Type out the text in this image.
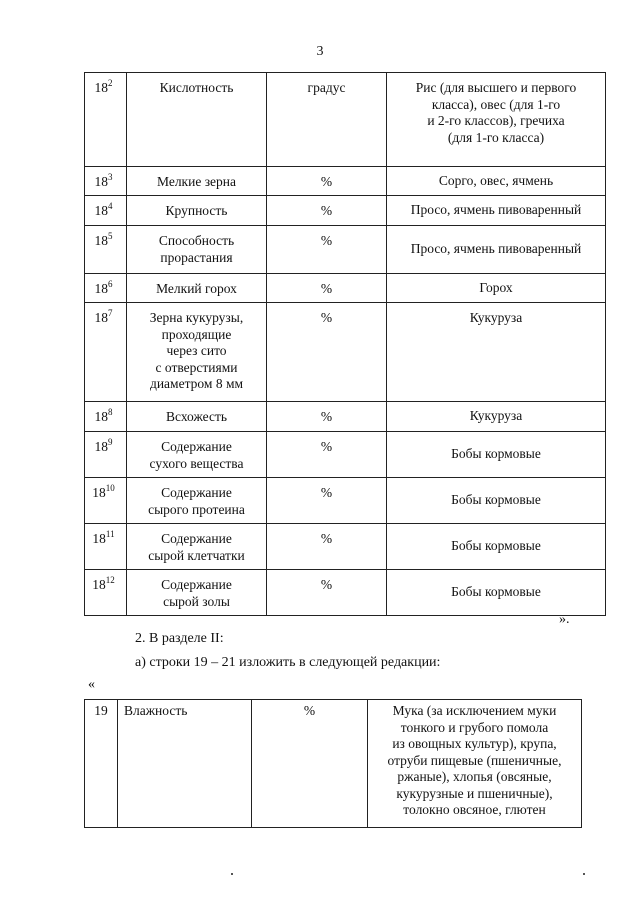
3
$18^2$	Кислотность	градус	Рис (для высшего и первого
класса), овес (для 1-го
и 2-го классов), гречиха
(для 1-го класса)

$18^3$	Мелкие зерна	%	Сорго, овес, ячмень

$18^4$	Крупность	%	Просо, ячмень пивоваренный

$18^5$	Способность
прорастания	%	Просо, ячмень пивоваренный

$18^6$	Мелкий горох	%	Горох

$18^7$	Зерна кукурузы,
проходящие
через сито
с отверстиями
диаметром 8 мм	%	Кукуруза

$18^8$	Всхожесть	%	Кукуруза

$18^9$	Содержание
сухого вещества	%	Бобы кормовые

$18^{10}$	Содержание
сырого протеина	%	Бобы кормовые

$18^{11}$	Содержание
сырой клетчатки	%	Бобы кормовые

$18^{12}$	Содержание
сырой золы	%	Бобы кормовые
».
2. В разделе II:
а) строки 19 – 21 изложить в следующей редакции:
«
19	Влажность	%	Мука (за исключением муки
тонкого и грубого помола
из овощных культур), крупа,
отруби пищевые (пшеничные,
ржаные), хлопья (овсяные,
кукурузные и пшеничные),
толокно овсяное, глютен
